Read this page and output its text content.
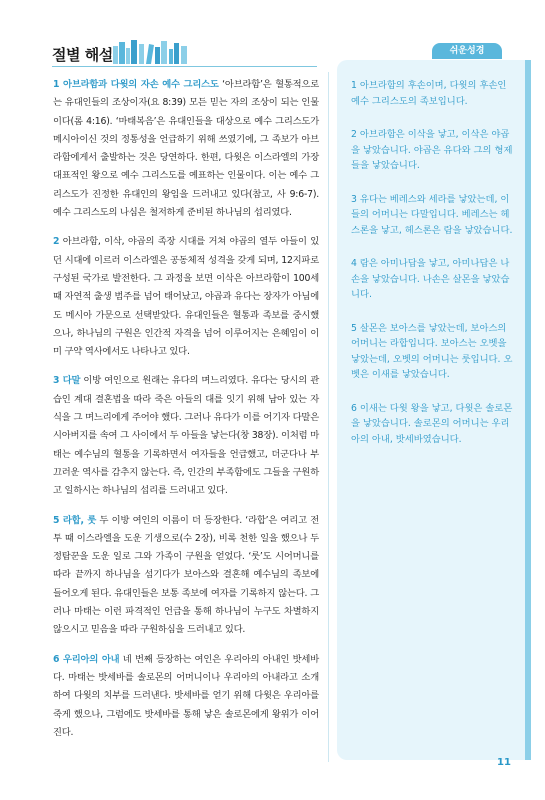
절별 해설

1 아브라함과 다윗의 자손 예수 그리스도 ‘아브라함’은 혈통적으로는 유대인들의 조상이자(요 8:39) 모든 믿는 자의 조상이 되는 인물이다(롬 4:16). ‘마태복음’은 유대인들을 대상으로 예수 그리스도가 메시아이신 것의 정통성을 언급하기 위해 쓰였기에, 그 족보가 아브라함에게서 출발하는 것은 당연하다. 한편, 다윗은 이스라엘의 가장 대표적인 왕으로 예수 그리스도를 예표하는 인물이다. 이는 예수 그리스도가 진정한 유대인의 왕임을 드러내고 있다(참고, 사 9:6-7). 예수 그리스도의 나심은 철저하게 준비된 하나님의 섭리였다.

2 아브라함, 이삭, 야곱의 족장 시대를 거쳐 야곱의 열두 아들이 있던 시대에 이르러 이스라엘은 공동체적 성격을 갖게 되며, 12지파로 구성된 국가로 발전한다. 그 과정을 보면 이삭은 아브라함이 100세 때 자연적 출생 범주를 넘어 태어났고, 야곱과 유다는 장자가 아님에도 메시아 가문으로 선택받았다. 유대인들은 혈통과 족보를 중시했으나, 하나님의 구원은 인간적 자격을 넘어 이루어지는 은혜임이 이미 구약 역사에서도 나타나고 있다.

3 다말 이방 여인으로 원래는 유다의 며느리였다. 유다는 당시의 관습인 계대 결혼법을 따라 죽은 아들의 대를 잇기 위해 남아 있는 자식을 그 며느리에게 주어야 했다. 그러나 유다가 이를 어기자 다말은 시아버지를 속여 그 사이에서 두 아들을 낳는다(창 38장). 이처럼 마태는 예수님의 혈통을 기록하면서 여자들을 언급했고, 더군다나 부끄러운 역사를 감추지 않는다. 즉, 인간의 부족함에도 그들을 구원하고 일하시는 하나님의 섭리를 드러내고 있다.

5 라합, 룻 두 이방 여인의 이름이 더 등장한다. ‘라합’은 여리고 전투 때 이스라엘을 도운 기생으로(수 2장), 비록 천한 일을 했으나 두 정탐꾼을 도운 일로 그와 가족이 구원을 얻었다. ‘룻’도 시어머니를 따라 끝까지 하나님을 섬기다가 보아스와 결혼해 예수님의 족보에 들어오게 된다. 유대인들은 보통 족보에 여자를 기록하지 않는다. 그러나 마태는 이런 파격적인 언급을 통해 하나님이 누구도 차별하지 않으시고 믿음을 따라 구원하심을 드러내고 있다.

6 우리아의 아내 네 번째 등장하는 여인은 우리아의 아내인 밧세바다. 마태는 밧세바를 솔로몬의 어머니이나 우리아의 아내라고 소개하여 다윗의 치부를 드러낸다. 밧세바를 얻기 위해 다윗은 우리아를 죽게 했으나, 그럼에도 밧세바를 통해 낳은 솔로몬에게 왕위가 이어진다.

쉬운성경

1 아브라함의 후손이며, 다윗의 후손인 예수 그리스도의 족보입니다.

2 아브라함은 이삭을 낳고, 이삭은 야곱을 낳았습니다. 야곱은 유다와 그의 형제들을 낳았습니다.

3 유다는 베레스와 세라를 낳았는데, 이들의 어머니는 다말입니다. 베레스는 헤스론을 낳고, 헤스론은 람을 낳았습니다.

4 람은 아미나답을 낳고, 아미나답은 나손을 낳았습니다. 나손은 살몬을 낳았습니다.

5 살몬은 보아스를 낳았는데, 보아스의 어머니는 라합입니다. 보아스는 오벳을 낳았는데, 오벳의 어머니는 룻입니다. 오벳은 이새를 낳았습니다.

6 이새는 다윗 왕을 낳고, 다윗은 솔로몬을 낳았습니다. 솔로몬의 어머니는 우리아의 아내, 밧세바였습니다.

11
